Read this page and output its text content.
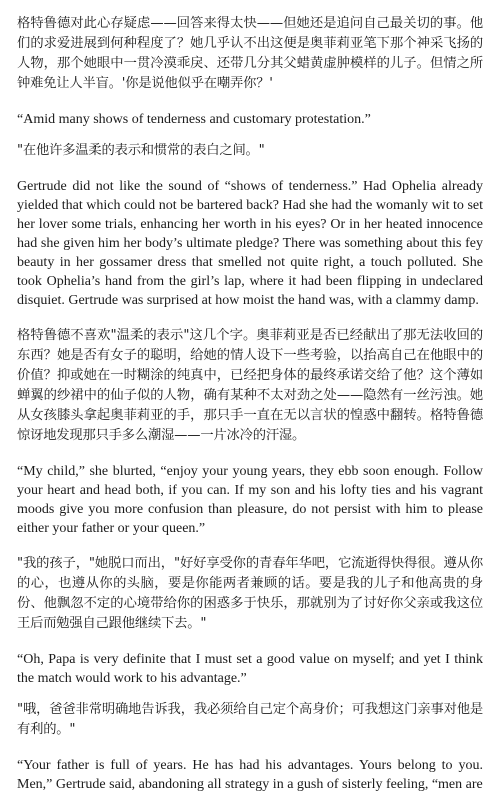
格特鲁德对此心存疑虑——回答来得太快——但她还是追问自己最关切的事。他们的求爱进展到何种程度了？她几乎认不出这便是奥菲莉亚笔下那个神采飞扬的人物，那个她眼中一贯冷漠乖戾、还带几分其父蜡黄虚肿模样的儿子。但情之所钟难免让人半盲。'你是说他似乎在嘲弄你？'

“Amid many shows of tenderness and customary protestation.”

"在他许多温柔的表示和惯常的表白之间。"

Gertrude did not like the sound of “shows of tenderness.” Had Ophelia already yielded that which could not be bartered back? Had she had the womanly wit to set her lover some trials, enhancing her worth in his eyes? Or in her heated innocence had she given him her body’s ultimate pledge? There was something about this fey beauty in her gossamer dress that smelled not quite right, a touch polluted. She took Ophelia’s hand from the girl’s lap, where it had been flipping in undeclared disquiet. Gertrude was surprised at how moist the hand was, with a clammy damp.

格特鲁德不喜欢"温柔的表示"这几个字。奥菲莉亚是否已经献出了那无法收回的东西？她是否有女子的聪明，给她的情人设下一些考验，以抬高自己在他眼中的价值？抑或她在一时糊涂的纯真中，已经把身体的最终承诺交给了他？这个薄如蝉翼的纱裙中的仙子似的人物，确有某种不太对劲之处——隐然有一丝污浊。她从女孩膝头拿起奥菲莉亚的手，那只手一直在无以言状的惶惑中翻转。格特鲁德惊讶地发现那只手多么潮湿——一片冰冷的汗湿。

“My child,” she blurted, “enjoy your young years, they ebb soon enough. Follow your heart and head both, if you can. If my son and his lofty ties and his vagrant moods give you more confusion than pleasure, do not persist with him to please either your father or your queen.”

"我的孩子，"她脱口而出，"好好享受你的青春年华吧，它流逝得快得很。遵从你的心，也遵从你的头脑，要是你能两者兼顾的话。要是我的儿子和他高贵的身份、他飘忽不定的心境带给你的困惑多于快乐，那就别为了讨好你父亲或我这位王后而勉强自己跟他继续下去。"

“Oh, Papa is very definite that I must set a good value on myself; and yet I think the match would work to his advantage.”

"哦，爸爸非常明确地告诉我，我必须给自己定个高身价；可我想这门亲事对他是有利的。"

“Your father is full of years. He has had his advantages. Yours belong to you. Men,” Gertrude said, abandoning all strategy in a gush of sisterly feeling, “men are
